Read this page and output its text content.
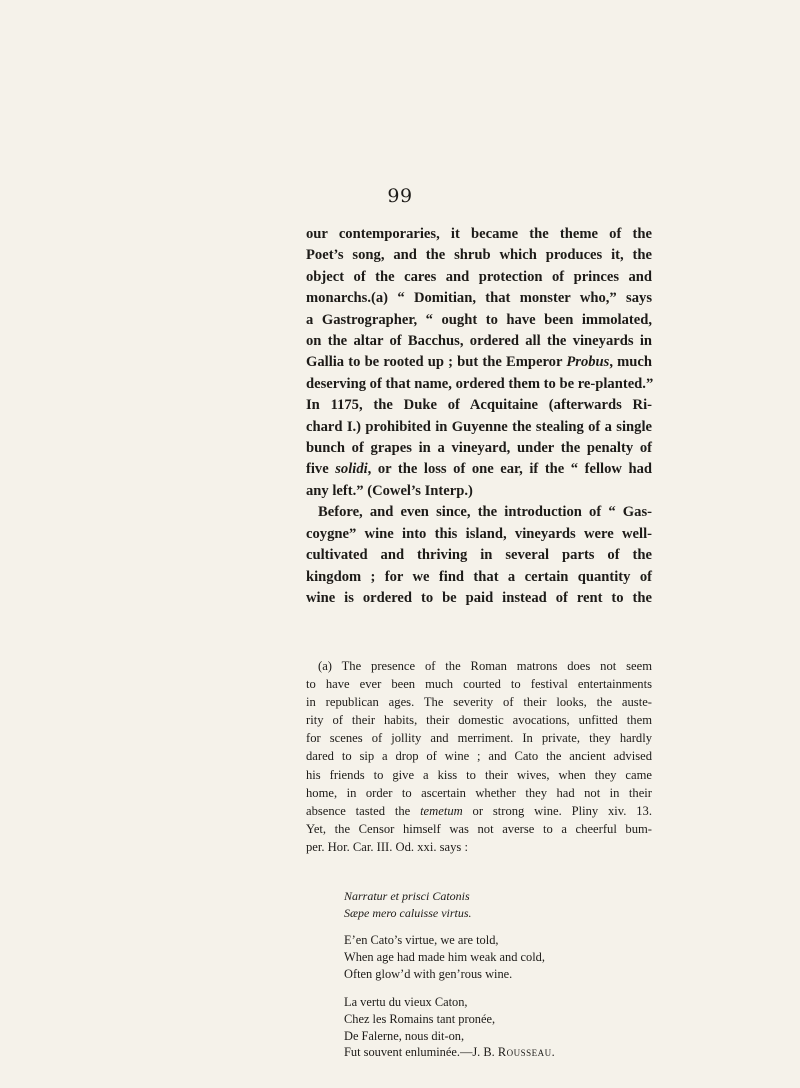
99

our contemporaries, it became the theme of the
Poet’s song, and the shrub which produces it, the
object of the cares and protection of princes and
monarchs.(a) “ Domitian, that monster who,” says
a Gastrographer, “ ought to have been immolated,
on the altar of Bacchus, ordered all the vineyards in
Gallia to be rooted up ; but the Emperor Probus, much
deserving of that name, ordered them to be re-planted.”
In 1175, the Duke of Acquitaine (afterwards Ri-
chard I.) prohibited in Guyenne the stealing of a single
bunch of grapes in a vineyard, under the penalty of
five solidi, or the loss of one ear, if the “ fellow had
any left.” (Cowel’s Interp.)

Before, and even since, the introduction of “ Gas-
coygne” wine into this island, vineyards were well-
cultivated and thriving in several parts of the
kingdom ; for we find that a certain quantity of
wine is ordered to be paid instead of rent to the

(a) The presence of the Roman matrons does not seem
to have ever been much courted to festival entertainments
in republican ages. The severity of their looks, the auste-
rity of their habits, their domestic avocations, unfitted them
for scenes of jollity and merriment. In private, they hardly
dared to sip a drop of wine ; and Cato the ancient advised
his friends to give a kiss to their wives, when they came
home, in order to ascertain whether they had not in their
absence tasted the temetum or strong wine. Pliny xiv. 13.
Yet, the Censor himself was not averse to a cheerful bum-
per. Hor. Car. III. Od. xxi. says :
Narratur et prisci Catonis
Sæpe mero caluisse virtus.
E’en Cato’s virtue, we are told,
When age had made him weak and cold,
Often glow’d with gen’rous wine.
La vertu du vieux Caton,
Chez les Romains tant pronée,
De Falerne, nous dit-on,
Fut souvent enluminée.—J. B. Rousseau.
